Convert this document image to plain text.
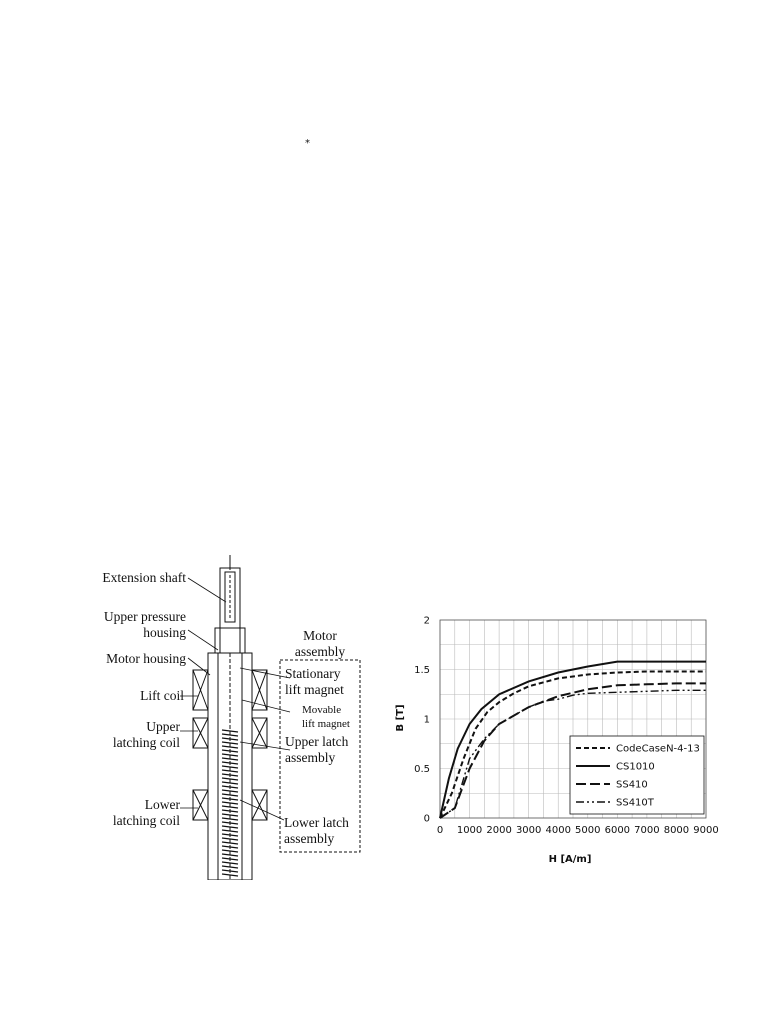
*
Extension shaft
Upper pressure
housing
Motor housing
Lift coil
Upper
latching coil
Lower
latching coil
Motor
assembly
Stationary
lift magnet
Movable
lift magnet
Upper latch
assembly
Lower latch
assembly
0
0.5
1
1.5
2
0 1000 2000 3000 4000 5000 6000 7000 8000 9000
H [A/m]
B [T]
CodeCaseN-4-13
CS1010
SS410
SS410T
